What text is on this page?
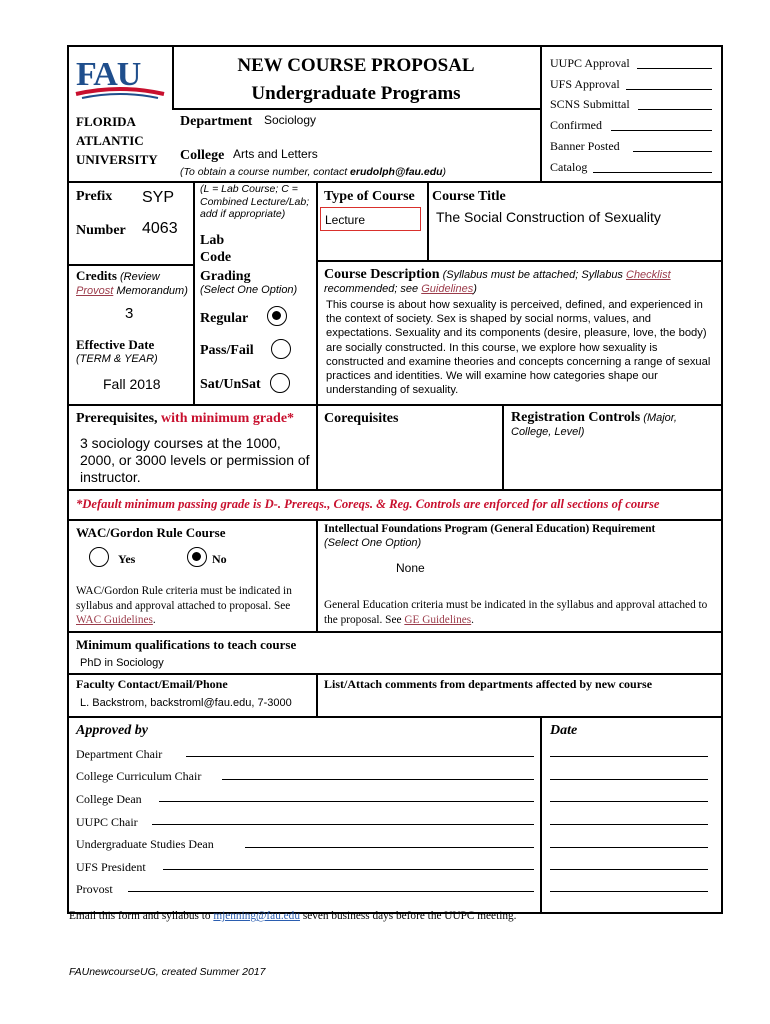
FAU
FLORIDA
ATLANTIC
UNIVERSITY
NEW COURSE PROPOSAL
Undergraduate Programs
Department Sociology
College Arts and Letters
(To obtain a course number, contact erudolph@fau.edu)
UUPC Approval
UFS Approval
SCNS Submittal
Confirmed
Banner Posted
Catalog
Prefix SYP
Number 4063
(L = Lab Course; C = Combined Lecture/Lab; add if appropriate)
Lab
Code
Type of Course
Lecture
Course Title
The Social Construction of Sexuality
Credits (Review
Provost Memorandum)
3
Effective Date
(TERM & YEAR)
Fall 2018
Grading
(Select One Option)
Regular
Pass/Fail
Sat/UnSat
Course Description (Syllabus must be attached; Syllabus Checklist
recommended; see Guidelines)
This course is about how sexuality is perceived, defined, and experienced in the context of society. Sex is shaped by social norms, values, and expectations. Sexuality and its components (desire, pleasure, love, the body) are socially constructed. In this course, we explore how sexuality is constructed and examine theories and concepts concerning a range of sexual practices and identities. We will examine how categories shape our understanding of sexuality.
Prerequisites, with minimum grade*
3 sociology courses at the 1000, 2000, or 3000 levels or permission of instructor.
Corequisites	Registration Controls (Major, College, Level)
*Default minimum passing grade is D-. Prereqs., Coreqs. & Reg. Controls are enforced for all sections of course
WAC/Gordon Rule Course
Yes	No
WAC/Gordon Rule criteria must be indicated in syllabus and approval attached to proposal. See WAC Guidelines.
Intellectual Foundations Program (General Education) Requirement
(Select One Option)
None
General Education criteria must be indicated in the syllabus and approval attached to the proposal. See GE Guidelines.
Minimum qualifications to teach course
PhD in Sociology
Faculty Contact/Email/Phone
L. Backstrom, backstroml@fau.edu, 7-3000
List/Attach comments from departments affected by new course
Approved by	Date
Department Chair
College Curriculum Chair
College Dean
UUPC Chair
Undergraduate Studies Dean
UFS President
Provost
Email this form and syllabus to mjenning@fau.edu seven business days before the UUPC meeting.
FAUnewcourseUG, created Summer 2017
